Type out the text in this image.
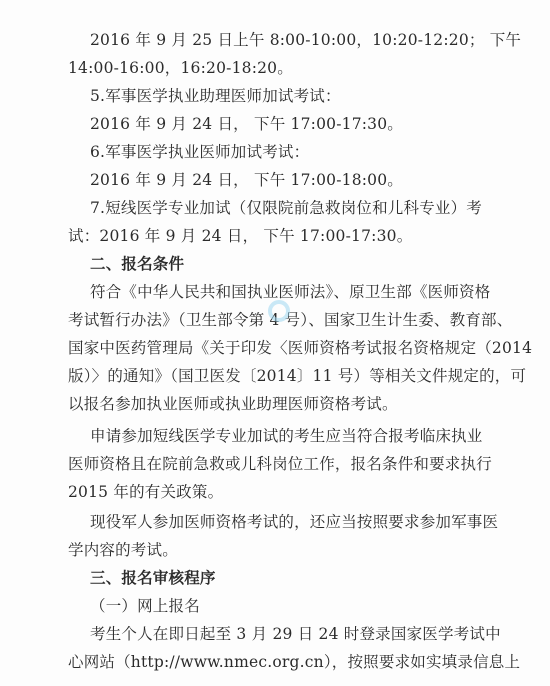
2016 年 9 月 25 日上午 8:00-10:00，10:20-12:20； 下午
14:00-16:00，16:20-18:20。
5.军事医学执业助理医师加试考试：
2016 年 9 月 24 日， 下午 17:00-17:30。
6.军事医学执业医师加试考试：
2016 年 9 月 24 日， 下午 17:00-18:00。
7.短线医学专业加试（仅限院前急救岗位和儿科专业）考
试：2016 年 9 月 24 日， 下午 17:00-17:30。
二、报名条件
符合《中华人民共和国执业医师法》、原卫生部《医师资格
考试暂行办法》（卫生部令第 4 号）、国家卫生计生委、教育部、
国家中医药管理局《关于印发〈医师资格考试报名资格规定（2014
版）〉的通知》（国卫医发〔2014〕11 号）等相关文件规定的，可
以报名参加执业医师或执业助理医师资格考试。
申请参加短线医学专业加试的考生应当符合报考临床执业
医师资格且在院前急救或儿科岗位工作，报名条件和要求执行
2015 年的有关政策。
现役军人参加医师资格考试的，还应当按照要求参加军事医
学内容的考试。
三、报名审核程序
（一）网上报名
考生个人在即日起至 3 月 29 日 24 时登录国家医学考试中
心网站（http://www.nmec.org.cn），按照要求如实填录信息上
